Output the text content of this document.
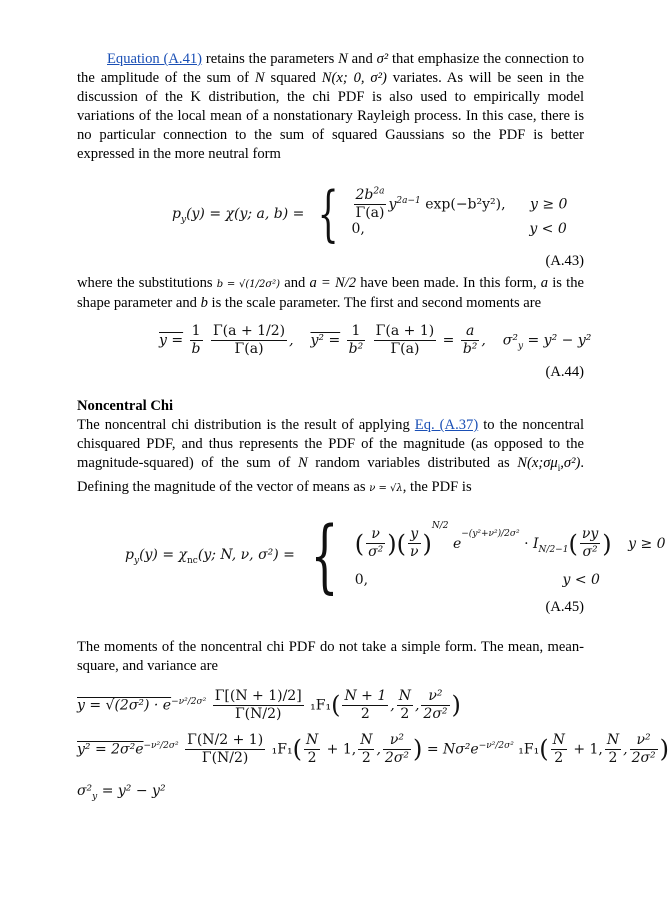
Equation (A.41) retains the parameters N and σ² that emphasize the connection to the amplitude of the sum of N squared N(x; 0, σ²) variates. As will be seen in the discussion of the K distribution, the chi PDF is also used to empirically model variations of the local mean of a nonstationary Rayleigh process. In this case, there is no particular connection to the sum of squared Gaussians so the PDF is better expressed in the more neutral form

$p_y(y) = \chi(y$; a, b) = { $\frac{2b^{2a}}{\Gamma(a)} y^{2a-1}$ exp(−b²y²), y ≥ 0
0,	y < 0
(A.43)

where the substitutions b = √(1/2σ²) and a = N/2 have been made. In this form, a is the shape parameter and b is the scale parameter. The first and second moments are

$y = \frac{1}{b}$
$\frac{\Gamma(a + 1/2)}{\Gamma(a)}$ ,  $y^2 = \frac{1}{\text{b²}}$
$\frac{\Gamma(a + 1)}{\Gamma(a)} = \frac{a}{\text{b²}}$ ,  $\sigma^2_y = y^2 - y^2$
(A.44)

Noncentral Chi

The noncentral chi distribution is the result of applying Eq. (A.37) to the noncentral chisquared PDF, and thus represents the PDF of the magnitude (as opposed to the magnitude-squared) of the sum of N random variables distributed as $N(x;\sigma\mu_i,\sigma^2)$. Defining the magnitude of the vector of means as ν = √λ, the PDF is

$p_y(y) = \chi_{nc}(y$; N, ν, σ²) = { ( $\frac{\nu}{\text{σ²}}$ )( $\frac{y}{\nu} )^{N/2}$ $e^{-(y^2+\nu^2)/2\sigma^2} \cdot I_{N/2-1}( \frac{\nu y}{\text{σ²}}$ ) y ≥ 0
0,	y < 0
(A.45)

The moments of the noncentral chi PDF do not take a simple form. The mean, mean-square, and variance are

$y = √(2\sigma^2) \cdot e^{-\nu^2/2\sigma^2} \frac{\Gamma[(N + 1)/2]}{\Gamma(N/2)} _1F_1( \frac{N + 1}{2}$ , $\frac{N}{2}$ , $\frac{\text{ν²}}{\text{2σ²}}$ )
$y^2 = 2\sigma^2e^{-\nu^2/2\sigma^2} \frac{\Gamma(N/2 + 1)}{\Gamma(N/2)} _1F_1( \frac{N}{2} + 1$, $\frac{N}{2}$ , $\frac{\text{ν²}}{\text{2σ²}}$ ) = $N\sigma^2e^{-\nu^2/2\sigma^2}$ $_1F_1( \frac{N}{2} + 1$, $\frac{N}{2}$ , $\frac{\text{ν²}}{\text{2σ²}}$ )
$\sigma^2_y = y^2 - y^2$
